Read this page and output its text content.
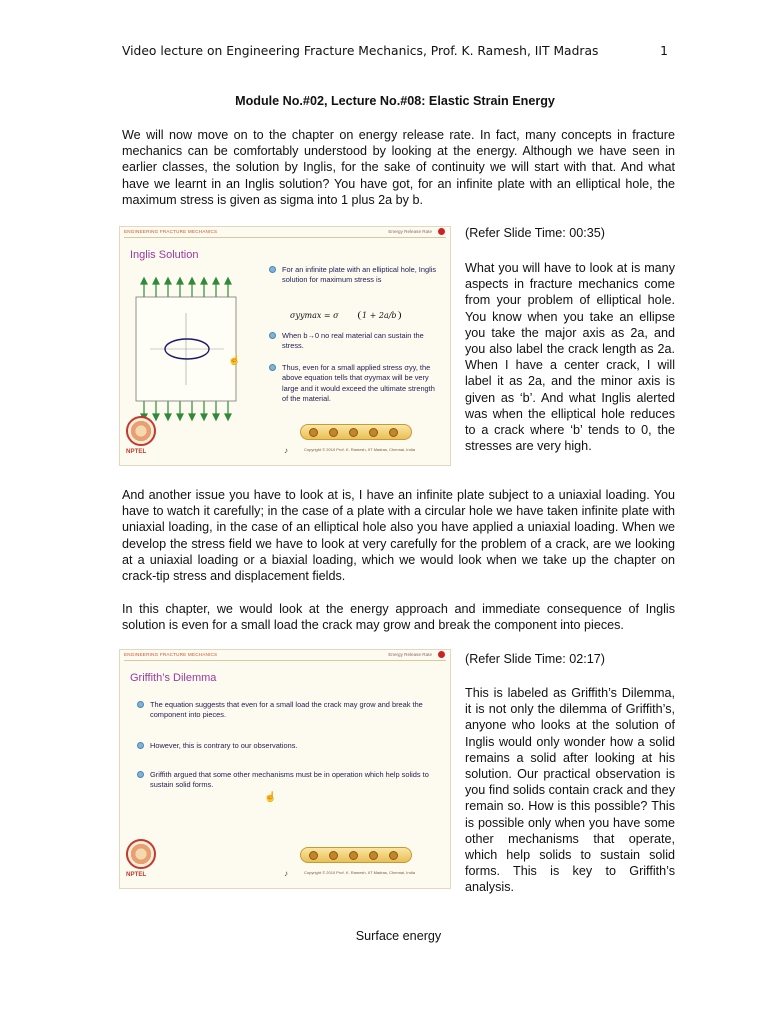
Video lecture on Engineering Fracture Mechanics, Prof. K. Ramesh, IIT Madras	1
Module No.#02, Lecture No.#08: Elastic Strain Energy

We will now move on to the chapter on energy release rate. In fact, many concepts in fracture mechanics can be comfortably understood by looking at the energy. Although we have seen in earlier classes, the solution by Inglis, for the sake of continuity we will start with that. And what have we learnt in an Inglis solution? You have got, for an infinite plate with an elliptical hole, the maximum stress is given as sigma into 1 plus 2a by b.

ENGINEERING FRACTURE MECHANICS	Energy Release Rate
Inglis Solution
For an infinite plate with an elliptical hole, Inglis solution for maximum stress is
σyymax = σ	1 + 2a/b
When b→0 no real material can sustain the stress.
Thus, even for a small applied stress σyy, the above equation tells that σyymax will be very large and it would exceed the ultimate strength of the material.
☝
NPTEL	♪	Copyright © 2010 Prof. K. Ramesh, IIT Madras, Chennai, India
(Refer Slide Time: 00:35)
What you will have to look at is many aspects in fracture mechanics come from your problem of elliptical hole. You know when you take an ellipse you take the major axis as 2a, and you also label the crack length as 2a. When I have a center crack, I will label it as 2a, and the minor axis is given as ‘b’. And what Inglis alerted was when the elliptical hole reduces to a crack where ‘b’ tends to 0, the stresses are very high.

And another issue you have to look at is, I have an infinite plate subject to a uniaxial loading. You have to watch it carefully; in the case of a plate with a circular hole we have taken infinite plate with uniaxial loading, in the case of an elliptical hole also you have applied a uniaxial loading. When we develop the stress field we have to look at very carefully for the problem of a crack, are we looking at a uniaxial loading or a biaxial loading, which we would look when we take up the chapter on crack-tip stress and displacement fields.

In this chapter, we would look at the energy approach and immediate consequence of Inglis solution is even for a small load the crack may grow and break the component into pieces.

ENGINEERING FRACTURE MECHANICS	Energy Release Rate
Griffith’s Dilemma
The equation suggests that even for a small load the crack may grow and break the component into pieces.
However, this is contrary to our observations.
Griffith argued that some other mechanisms must be in operation which help solids to sustain solid forms.
☝
NPTEL	♪	Copyright © 2010 Prof. K. Ramesh, IIT Madras, Chennai, India
(Refer Slide Time: 02:17)
This is labeled as Griffith’s Dilemma, it is not only the dilemma of Griffith’s, anyone who looks at the solution of Inglis would only wonder how a solid remains a solid after looking at his solution. Our practical observation is you find solids contain crack and they remain so. How is this possible? This is possible only when you have some other mechanisms that operate, which help solids to sustain solid forms. This is key to Griffith’s analysis.
Surface energy
